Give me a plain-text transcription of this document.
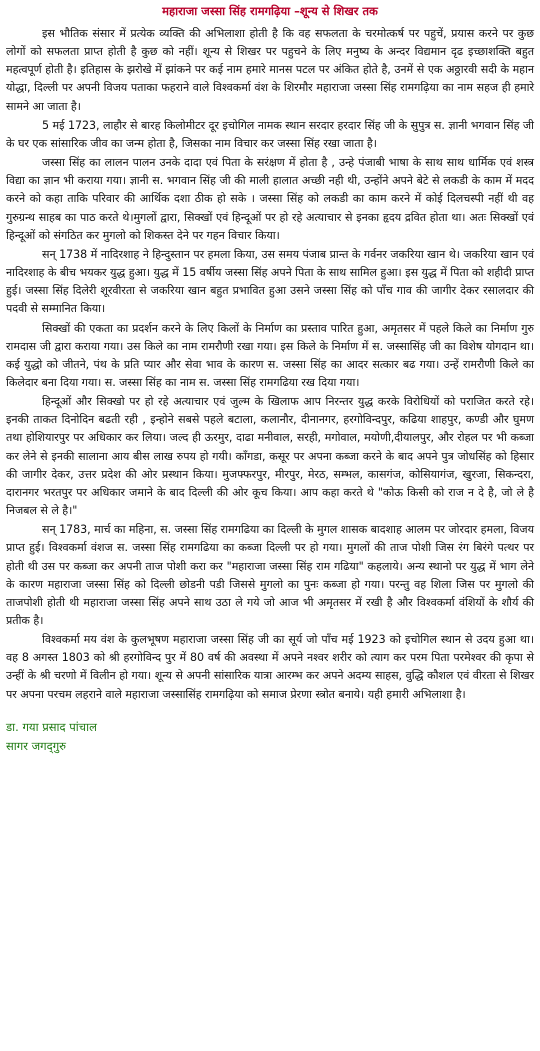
महाराजा जस्सा सिंह रामगढ़िया –शून्य से शिखर तक

इस भौतिक संसार में प्रत्येक व्यक्ति की अभिलाशा होती है कि वह सफलता के चरमोत्कर्ष पर पहुचें, प्रयास करने पर कुछ लोगों को सफलता प्राप्त होती है कुछ को नहीं। शून्य से शिखर पर पहुचने के लिए मनुष्य के अन्दर विद्यमान दृढ इच्छाशक्ति बहुत महत्वपूर्ण होती है। इतिहास के झरोखे में झांकने पर कई नाम हमारे मानस पटल पर अंकित होते है, उनमें से एक अठ्ठारवी सदी के महान योद्धा, दिल्ली पर अपनी विजय पताका फहराने वाले विश्वकर्मा वंश के शिरमौर महाराजा जस्सा सिंह रामगढ़िया का नाम सहज ही हमारे सामने आ जाता है।

5 मई 1723, लाहौर से बारह किलोमीटर दूर इचोगिल नामक स्थान सरदार हरदार सिंह जी के सुपुत्र स. ज्ञानी भगवान सिंह जी के घर एक सांसारिक जीव का जन्म होता है, जिसका नाम विचार कर जस्सा सिंह रखा जाता है।

जस्सा सिंह का लालन पालन उनके दादा एवं पिता के सरंक्षण में होता है , उन्हे पंजाबी भाषा के साथ साथ धार्मिक एवं शस्त्र विद्या का ज्ञान भी कराया गया। ज्ञानी स. भगवान सिंह जी की माली हालात अच्छी नही थी, उन्होंने अपने बेटे से लकडी के काम में मदद करने को कहा ताकि परिवार की आर्थिक दशा ठीक हो सके । जस्सा सिंह को लकडी का काम करने में कोई दिलचस्पी नहीं थी वह गुरुग्रन्थ साहब का पाठ करते थे।मुगलों द्वारा, सिक्खों एवं हिन्दूओं पर हो रहे अत्याचार से इनका हृदय द्रवित होता था। अतः सिक्खों एवं हिन्दूओं को संगठित कर मुगलो को शिकस्त देने पर गहन विचार किया।

सन् 1738 में नादिरशाह ने हिन्दुस्तान पर हमला किया, उस समय पंजाब प्रान्त के गर्वनर जकरिया खान थे। जकरिया खान एवं नादिरशाह के बीच भयकर युद्ध हुआ। युद्ध में 15 वर्षीय जस्सा सिंह अपने पिता के साथ सामिल हुआ। इस युद्ध में पिता को शहीदी प्राप्त हुई। जस्सा सिंह दिलेरी शूरवीरता से जकरिया खान बहुत प्रभावित हुआ उसने जस्सा सिंह को पाँच गाव की जागीर देकर रसालदार की पदवी से सम्मानित किया।

सिक्खों की एकता का प्रदर्शन करने के लिए किलों के निर्माण का प्रस्ताव पारित हुआ, अमृतसर में पहले किले का निर्माण गुरु रामदास जी द्वारा कराया गया। उस किले का नाम रामरौणी रखा गया। इस किले के निर्माण में स. जस्सासिंह जी का विशेष योगदान था। कई युद्धो को जीतने, पंथ के प्रति प्यार और सेवा भाव के कारण स. जस्सा सिंह का आदर सत्कार बढ गया। उन्हें रामरौणी किले का किलेदार बना दिया गया। स. जस्सा सिंह का नाम स. जस्सा सिंह रामगढिया रख दिया गया।

हिन्दूओं और सिक्खो पर हो रहे अत्याचार एवं जुल्म के खिलाफ आप निरन्तर युद्ध करके विरोधियों को पराजित करते रहे। इनकी ताकत दिनोदिन बढती रही , इन्होने सबसे पहले बटाला, कलानौर, दीनानगर, हरगोविन्दपुर, कढिया शाहपुर, कण्डी और घुमण तथा होशियारपुर पर अधिकार कर लिया। जल्द ही ऊरमुर, दाढा मनीवाल, सरही, मगोवाल, मयोणी,दीयालपुर, और रोहल पर भी कब्जा कर लेने से इनकी सालाना आय बीस लाख रुपय हो गयी। कॉंगडा, कसूर पर अपना कब्जा करने के बाद अपने पुत्र जोधसिंह को हिसार की जागीर देकर, उत्तर प्रदेश की ओर प्रस्थान किया। मुजफ्फरपुर, मीरपुर, मेरठ, सम्भल, कासगंज, कोसियागंज, खुरजा, सिकन्दरा, दारानगर भरतपुर पर अधिकार जमाने के बाद दिल्ली की ओर कूच किया। आप कहा करते थे "कोऊ किसी को राज न दे है, जो ले है निजबल से ले है।"

सन् 1783, मार्च का महिना, स. जस्सा सिंह रामगढिया का दिल्ली के मुगल शासक बादशाह आलम पर जोरदार हमला, विजय प्राप्त हुई। विश्वकर्मा वंशज स. जस्सा सिंह रामगढिया का कब्जा दिल्ली पर हो गया। मुगलों की ताज पोशी जिस रंग बिरंगे पत्थर पर होती थी उस पर कब्जा कर अपनी ताज पोशी करा कर "महाराजा जस्सा सिंह राम गढिया" कहलाये। अन्य स्थानो पर युद्ध में भाग लेने के कारण महाराजा जस्सा सिंह को दिल्ली छोडनी पडी जिससे मुगलो का पुनः कब्जा हो गया। परन्तु वह शिला जिस पर मुगलो की ताजपोशी होती थी महाराजा जस्सा सिंह अपने साथ उठा ले गये जो आज भी अमृतसर में रखी है और विश्वकर्मा वंशियों के शौर्य की प्रतीक है।

विश्वकर्मा मय वंश के कुलभूषण महाराजा जस्सा सिंह जी का सूर्य जो पाँच मई 1923 को इचोगिल स्थान से उदय हुआ था। वह 8 अगस्त 1803 को श्री हरगोविन्द पुर में 80 वर्ष की अवस्था में अपने नश्वर शरीर को त्याग कर परम पिता परमेश्वर की कृपा से उन्हीं के श्री चरणो में विलीन हो गया। शून्य से अपनी सांसारिक यात्रा आरम्भ कर अपने अदम्य साहस, वुद्धि कौशल एवं वीरता से शिखर पर अपना परचम लहराने वाले महाराजा जस्सासिंह रामगढ़िया को समाज प्रेरणा स्त्रोत बनाये। यही हमारी अभिलाशा है।

डा. गया प्रसाद पांचाल
सागर जगद्‌गुरु
